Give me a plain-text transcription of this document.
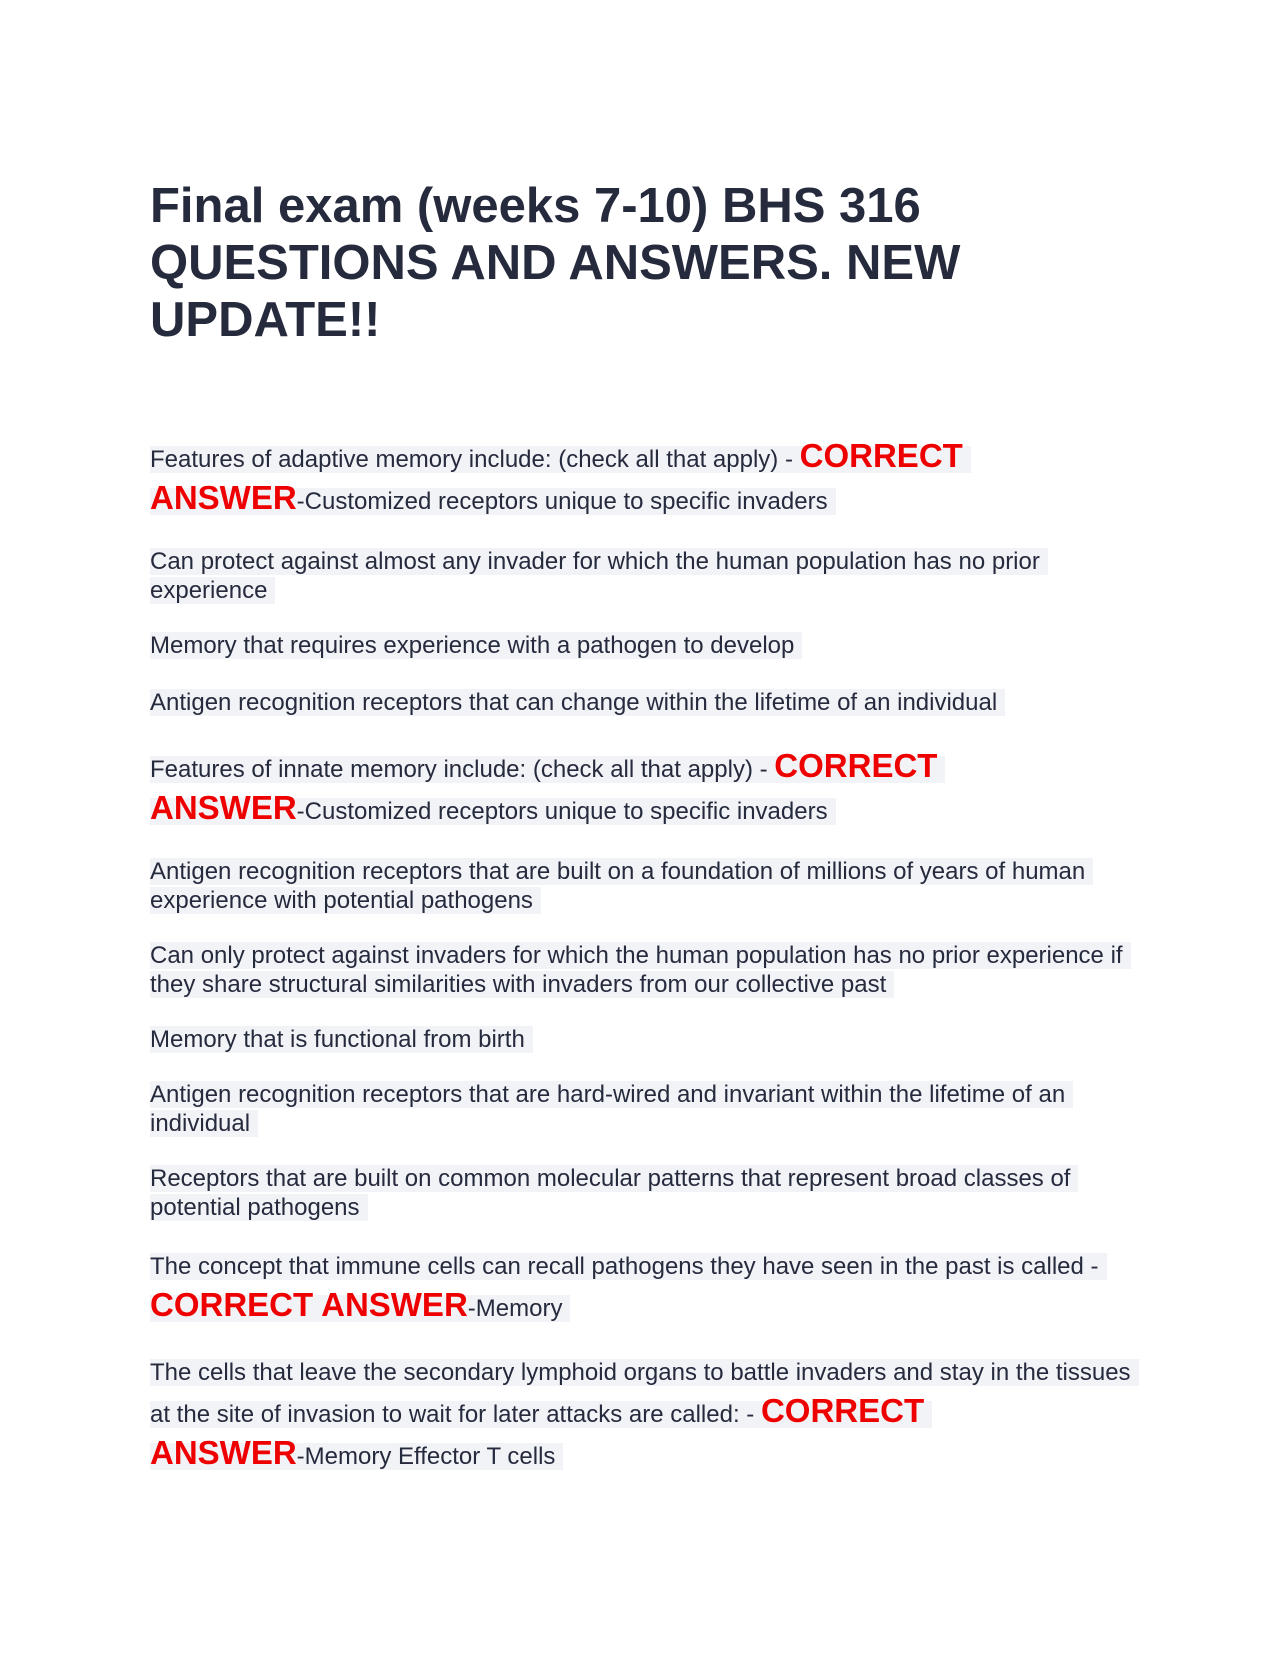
Final exam (weeks 7-10) BHS 316 QUESTIONS AND ANSWERS. NEW UPDATE!!

Features of adaptive memory include: (check all that apply) - CORRECT
ANSWER-Customized receptors unique to specific invaders

Can protect against almost any invader for which the human population has no prior experience

Memory that requires experience with a pathogen to develop

Antigen recognition receptors that can change within the lifetime of an individual

Features of innate memory include: (check all that apply) - CORRECT
ANSWER-Customized receptors unique to specific invaders

Antigen recognition receptors that are built on a foundation of millions of years of human experience with potential pathogens

Can only protect against invaders for which the human population has no prior experience if they share structural similarities with invaders from our collective past

Memory that is functional from birth

Antigen recognition receptors that are hard-wired and invariant within the lifetime of an individual

Receptors that are built on common molecular patterns that represent broad classes of potential pathogens

The concept that immune cells can recall pathogens they have seen in the past is called - CORRECT ANSWER-Memory

The cells that leave the secondary lymphoid organs to battle invaders and stay in the tissues at the site of invasion to wait for later attacks are called: - CORRECT
ANSWER-Memory Effector T cells
